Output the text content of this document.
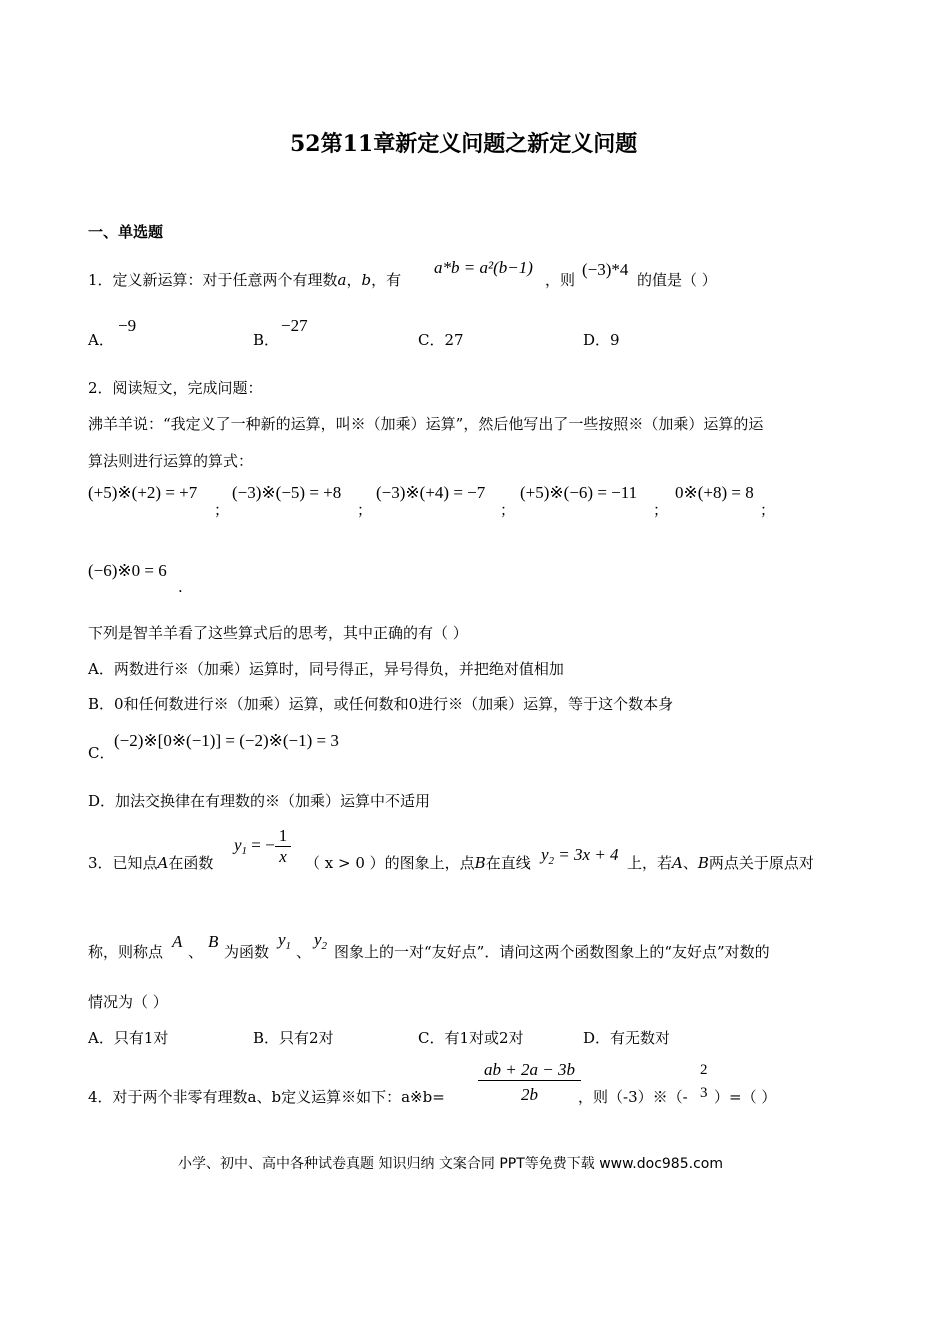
52第11章新定义问题之新定义问题
一、单选题
1．定义新运算：对于任意两个有理数a，b，有
a*b = a²(b−1)
，则
(−3)*4
的值是（ ）
A．
−9
B．
−27
C．27	D．9
2．阅读短文，完成问题：
沸羊羊说：“我定义了一种新的运算，叫※（加乘）运算”，然后他写出了一些按照※（加乘）运算的运
算法则进行运算的算式：
(+5)※(+2) = +7
；
(−3)※(−5) = +8
；
(−3)※(+4) = −7
；
(+5)※(−6) = −11
；
0※(+8) = 8
；
(−6)※0 = 6
.
下列是智羊羊看了这些算式后的思考，其中正确的有（ ）
A．两数进行※（加乘）运算时，同号得正，异号得负，并把绝对值相加
B．0和任何数进行※（加乘）运算，或任何数和0进行※（加乘）运算，等于这个数本身
C．
(−2)※[0※(−1)] = (−2)※(−1) = 3
D．加法交换律在有理数的※（加乘）运算中不适用
3．已知点A在函数
$y_1$ = − $\frac{1}{x}$ （ x > 0 ）的图象上，点B在直线 $y_2 = 3x + 4$ 上，若A、B两点关于原点对
称，则称点
A
、
B
为函数
$y_1$ 、
$y_2$ 图象上的一对“友好点”．请问这两个函数图象上的“友好点”对数的
情况为（ ）
A．只有1对	B．只有2对	C．有1对或2对	D．有无数对
4．对于两个非零有理数a、b定义运算※如下：a※b= $\frac{ab + 2a - 3b}{2b}$
，则（-3）※（-
2
3 ）=（ ）
小学、初中、高中各种试卷真题 知识归纳 文案合同 PPT等免费下载 www.doc985.com
